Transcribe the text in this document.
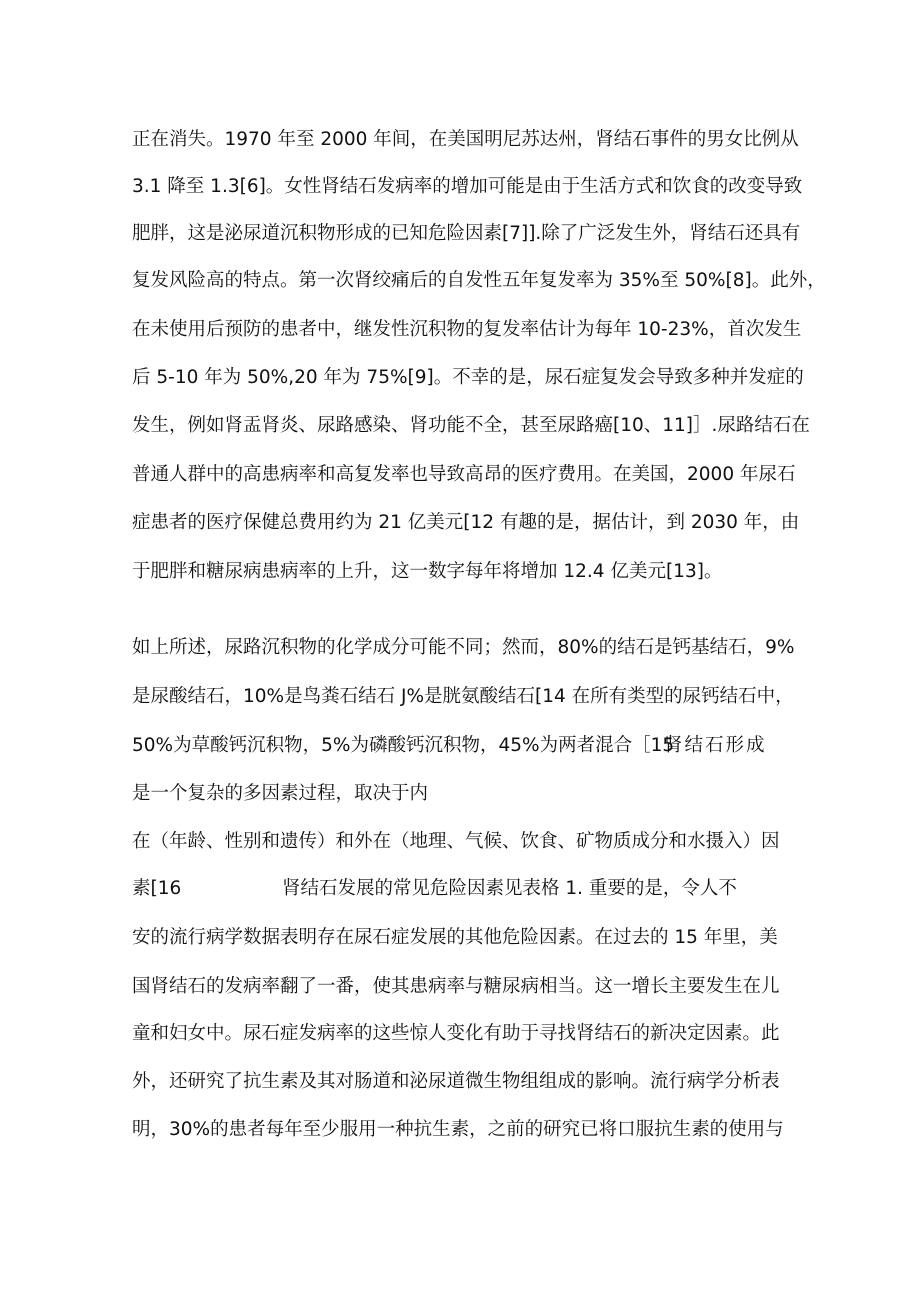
正在消失。1970 年至 2000 年间，在美国明尼苏达州，肾结石事件的男女比例从
3.1 降至 1.3[6]。女性肾结石发病率的增加可能是由于生活方式和饮食的改变导致
肥胖，这是泌尿道沉积物形成的已知危险因素[7]].除了广泛发生外，肾结石还具有
复发风险高的特点。第一次肾绞痛后的自发性五年复发率为 35%至 50%[8]。此外，
在未使用后预防的患者中，继发性沉积物的复发率估计为每年 10-23%，首次发生
后 5-10 年为 50%,20 年为 75%[9]。不幸的是，尿石症复发会导致多种并发症的
发生，例如肾盂肾炎、尿路感染、肾功能不全，甚至尿路癌[10、11]］.尿路结石在
普通人群中的高患病率和高复发率也导致高昂的医疗费用。在美国，2000 年尿石
症患者的医疗保健总费用约为 21 亿美元[12 有趣的是，据估计，到 2030 年，由
于肥胖和糖尿病患病率的上升，这一数字每年将增加 12.4 亿美元[13]。
如上所述，尿路沉积物的化学成分可能不同；然而，80%的结石是钙基结石，9%
是尿酸结石，10%是鸟粪石结石 J%是胱氨酸结石[14 在所有类型的尿钙结石中，
50%为草酸钙沉积物，5%为磷酸钙沉积物，45%为两者混合［15
肾结石形成
是一个复杂的多因素过程，取决于内
在（年龄、性别和遗传）和外在（地理、气候、饮食、矿物质成分和水摄入）因
素[16	肾结石发展的常见危险因素见表格 1. 重要的是，令人不
安的流行病学数据表明存在尿石症发展的其他危险因素。在过去的 15 年里，美
国肾结石的发病率翻了一番，使其患病率与糖尿病相当。这一增长主要发生在儿
童和妇女中。尿石症发病率的这些惊人变化有助于寻找肾结石的新决定因素。此
外，还研究了抗生素及其对肠道和泌尿道微生物组组成的影响。流行病学分析表
明，30%的患者每年至少服用一种抗生素，之前的研究已将口服抗生素的使用与
